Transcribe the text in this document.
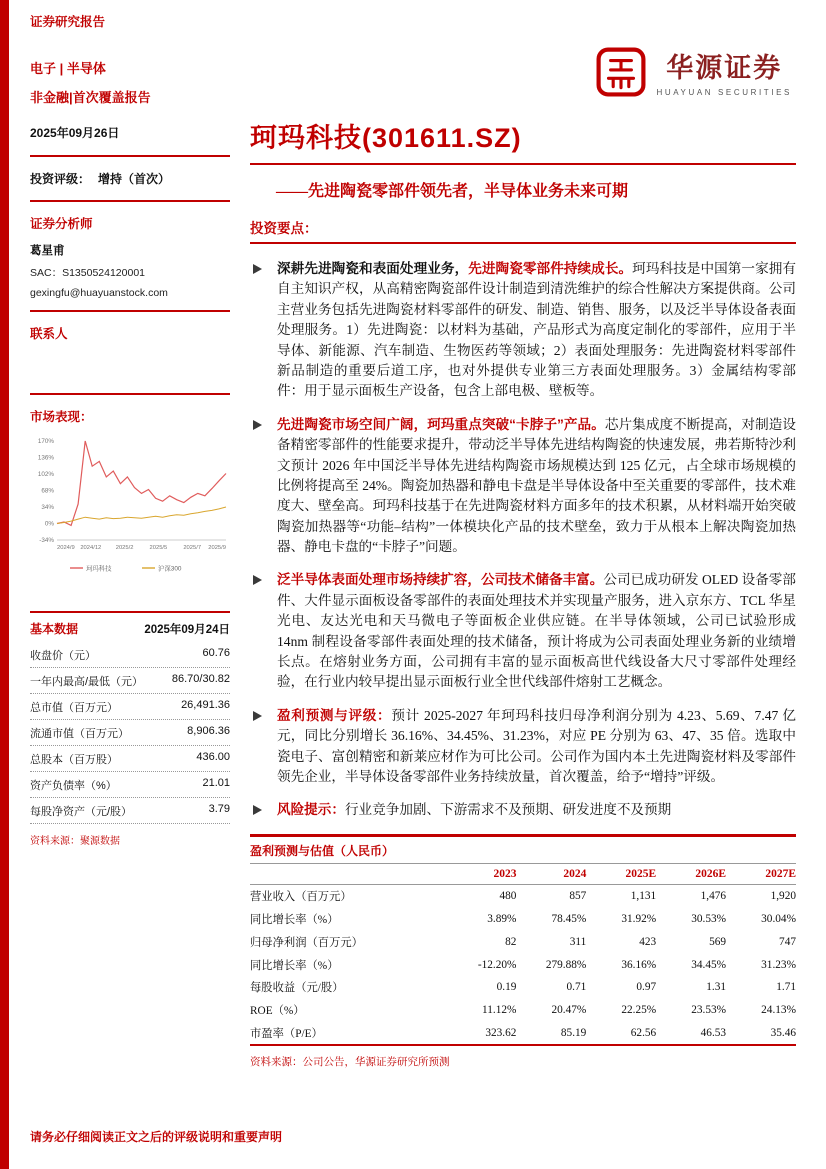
证券研究报告
华源证券
HUAYUAN SECURITIES
电子 | 半导体
非金融|首次覆盖报告
2025年09月26日
投资评级： 增持（首次）
证券分析师
葛星甫
SAC：S1350524120001
gexingfu@huayuanstock.com
联系人
市场表现：
170%
136%
102%
68%
34%
0%
-34%
2024/9 2024/12 2025/2	2025/5	2025/7 2025/9
珂玛科技	沪深300
基本数据	2025年09月24日
收盘价（元）	60.76
一年内最高/最低（元）	86.70/30.82
总市值（百万元）	26,491.36
流通市值（百万元）	8,906.36
总股本（百万股）	436.00
资产负债率（%）	21.01
每股净资产（元/股）	3.79
资料来源：聚源数据
珂玛科技(301611.SZ)
——先进陶瓷零部件领先者，半导体业务未来可期
投资要点：

深耕先进陶瓷和表面处理业务，先进陶瓷零部件持续成长。珂玛科技是中国第一家拥有自主知识产权，从高精密陶瓷部件设计制造到清洗维护的综合性解决方案提供商。公司主营业务包括先进陶瓷材料零部件的研发、制造、销售、服务，以及泛半导体设备表面处理服务。1）先进陶瓷：以材料为基础，产品形式为高度定制化的零部件，应用于半导体、新能源、汽车制造、生物医药等领域；2）表面处理服务：先进陶瓷材料零部件新品制造的重要后道工序，也对外提供专业第三方表面处理服务。3）金属结构零部件：用于显示面板生产设备，包含上部电极、壁板等。

先进陶瓷市场空间广阔，珂玛重点突破“卡脖子”产品。芯片集成度不断提高，对制造设备精密零部件的性能要求提升，带动泛半导体先进结构陶瓷的快速发展，弗若斯特沙利文预计 2026 年中国泛半导体先进结构陶瓷市场规模达到 125 亿元，占全球市场规模的比例将提高至 24%。陶瓷加热器和静电卡盘是半导体设备中至关重要的零部件，技术难度大、壁垒高。珂玛科技基于在先进陶瓷材料方面多年的技术积累，从材料端开始突破陶瓷加热器等“功能–结构”一体模块化产品的技术壁垒，致力于从根本上解决陶瓷加热器、静电卡盘的“卡脖子”问题。

泛半导体表面处理市场持续扩容，公司技术储备丰富。公司已成功研发 OLED 设备零部件、大件显示面板设备零部件的表面处理技术并实现量产服务，进入京东方、TCL 华星光电、友达光电和天马微电子等面板企业供应链。在半导体领域，公司已试验形成 14nm 制程设备零部件表面处理的技术储备，预计将成为公司表面处理业务新的业绩增长点。在熔射业务方面，公司拥有丰富的显示面板高世代线设备大尺寸零部件处理经验，在行业内较早提出显示面板行业全世代线部件熔射工艺概念。

盈利预测与评级：预计 2025-2027 年珂玛科技归母净利润分别为 4.23、5.69、7.47 亿元，同比分别增长 36.16%、34.45%、31.23%，对应 PE 分别为 63、47、35 倍。选取中瓷电子、富创精密和新莱应材作为可比公司。公司作为国内本土先进陶瓷材料及零部件领先企业，半导体设备零部件业务持续放量，首次覆盖，给予“增持”评级。

风险提示：行业竞争加剧、下游需求不及预期、研发进度不及预期

盈利预测与估值（人民币）
	2023	2024	2025E	2026E	2027E
营业收入（百万元）	480	857	1,131	1,476	1,920
同比增长率（%）	3.89%	78.45%	31.92%	30.53%	30.04%
归母净利润（百万元）	82	311	423	569	747
同比增长率（%）	-12.20%	279.88%	36.16%	34.45%	31.23%
每股收益（元/股）	0.19	0.71	0.97	1.31	1.71
ROE（%）	11.12%	20.47%	22.25%	23.53%	24.13%
市盈率（P/E）	323.62	85.19	62.56	46.53	35.46
资料来源：公司公告，华源证券研究所预测
请务必仔细阅读正文之后的评级说明和重要声明
